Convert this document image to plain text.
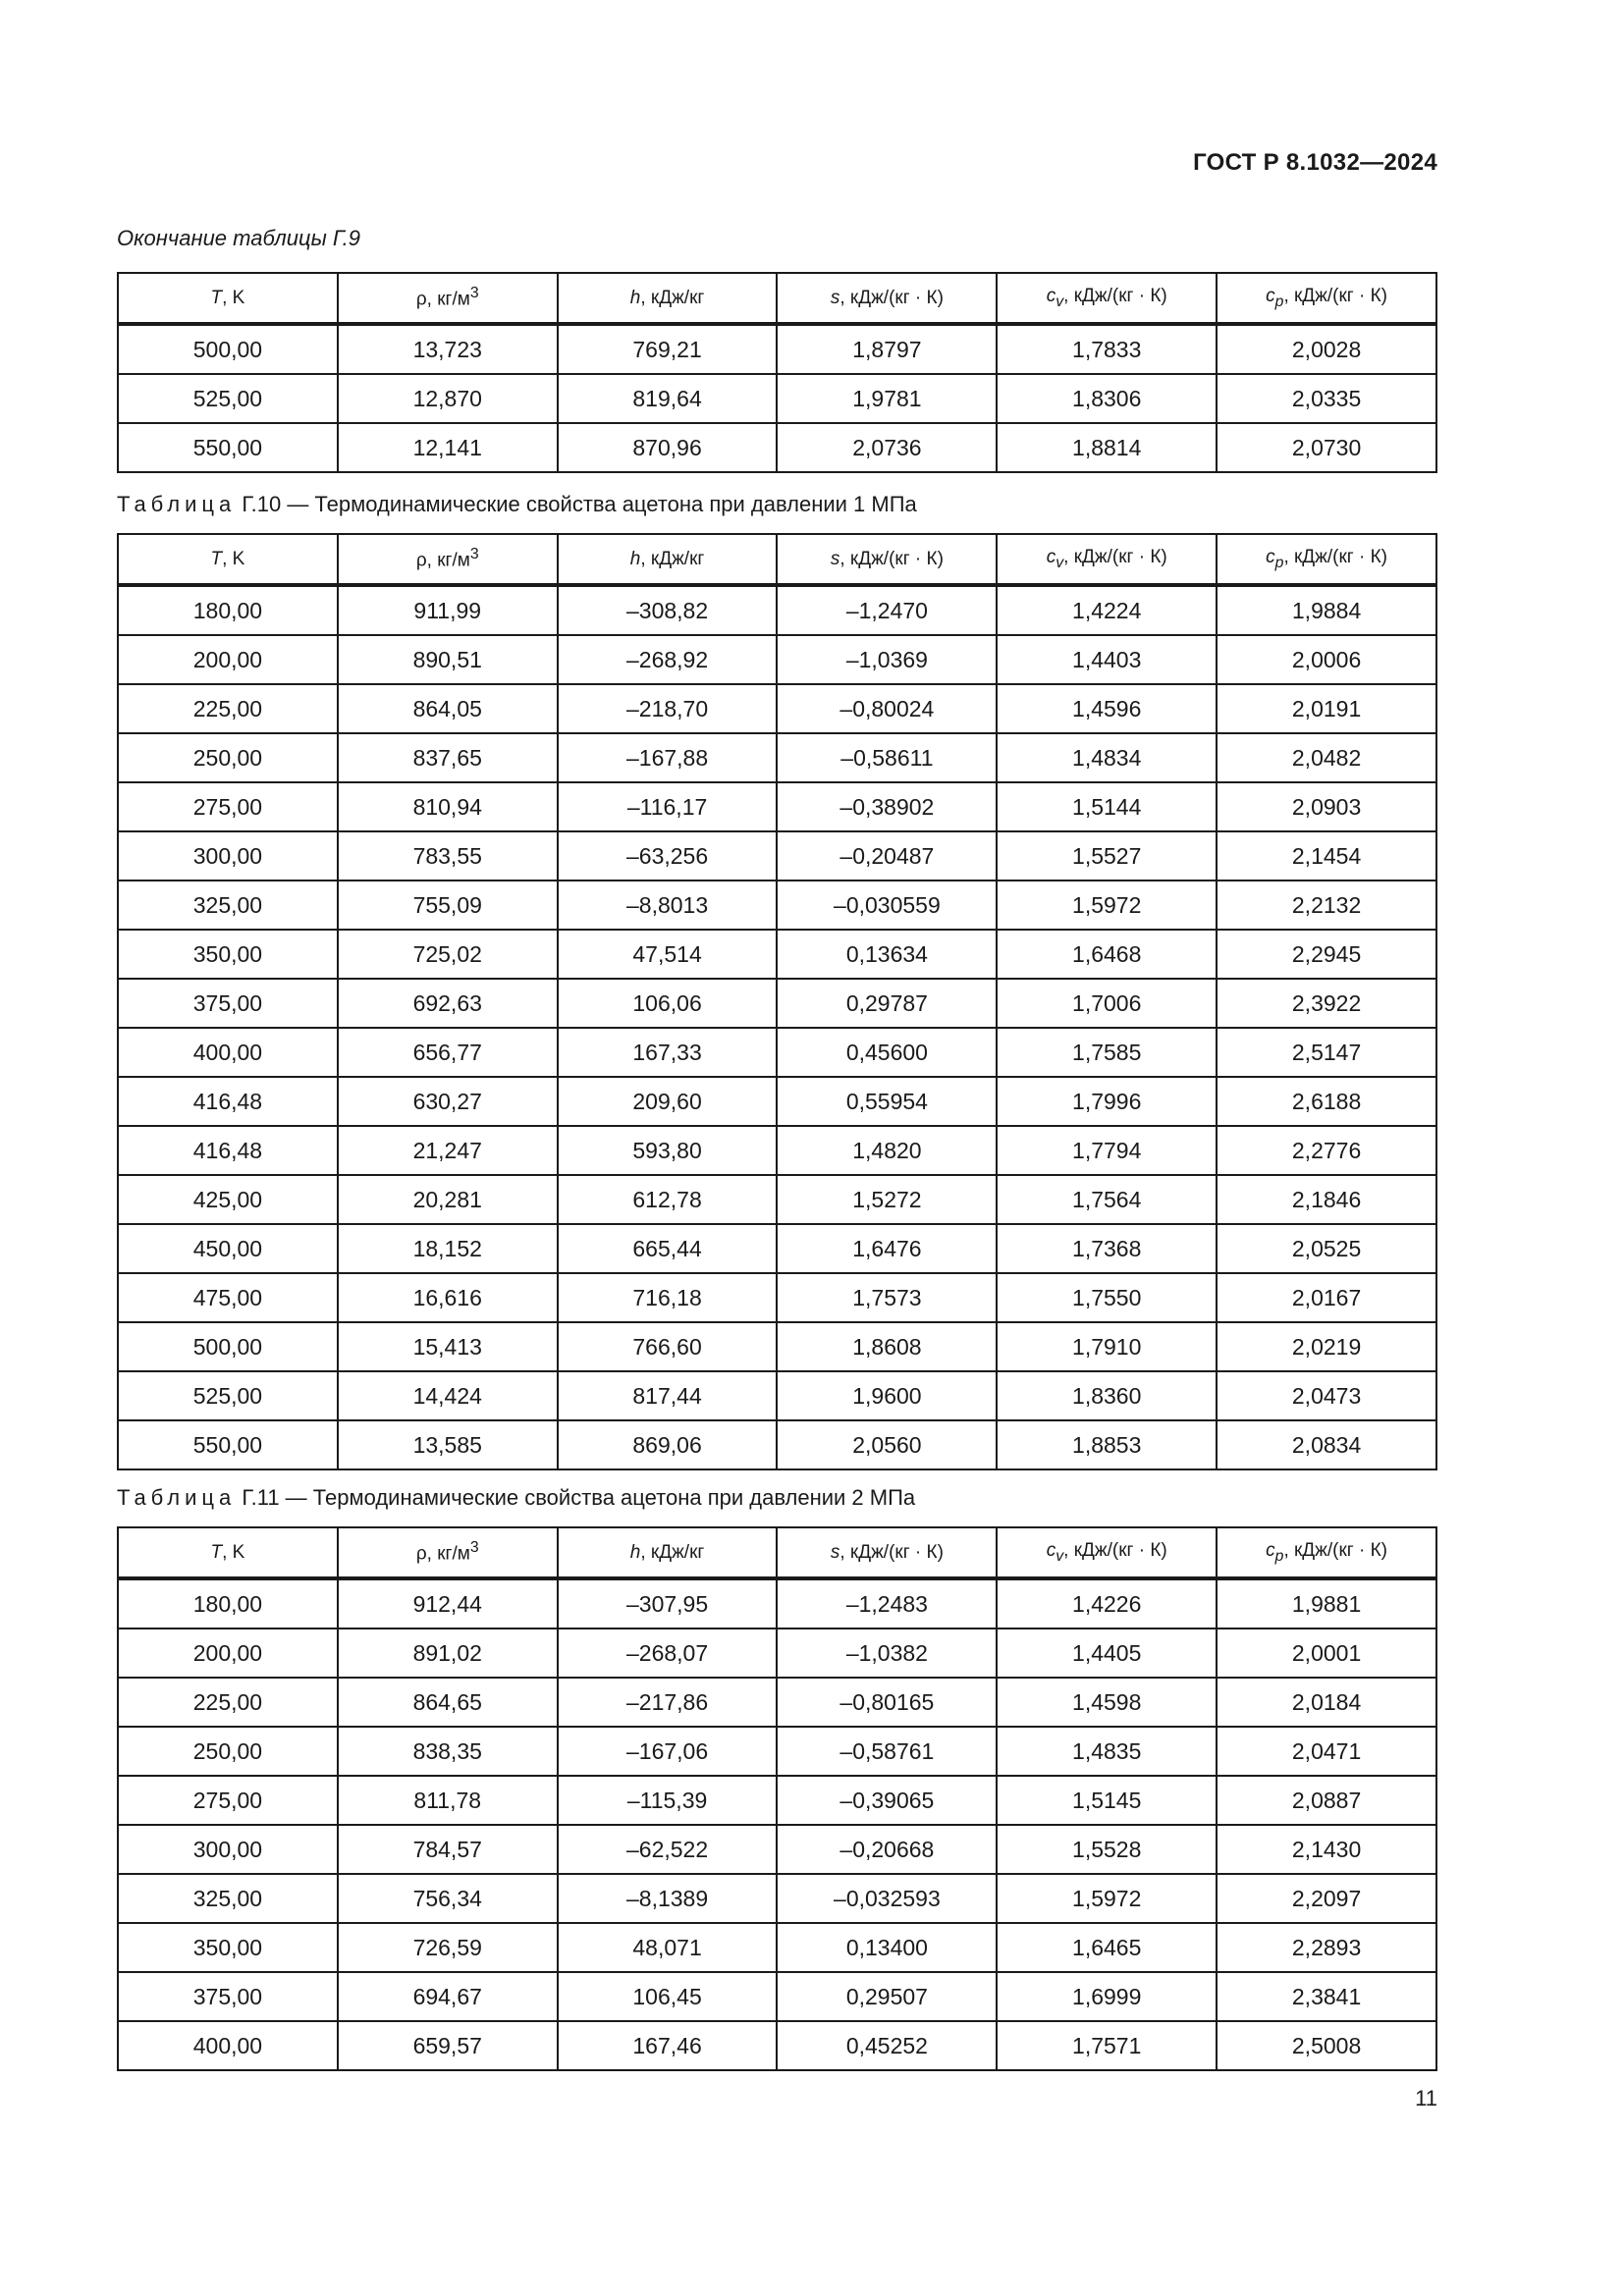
ГОСТ Р 8.1032—2024
Окончание таблицы Г.9
T, K	ρ, $кг/м^3$	h, кДж/кг	s, кДж/(кг · К)	$c_v$, кДж/(кг · К)	$c_p$, кДж/(кг · К)
500,00	13,723	769,21	1,8797	1,7833	2,0028
525,00	12,870	819,64	1,9781	1,8306	2,0335
550,00	12,141	870,96	2,0736	1,8814	2,0730
Таблица Г.10 — Термодинамические свойства ацетона при давлении 1 МПа
T, K	ρ, $кг/м^3$	h, кДж/кг	s, кДж/(кг · К)	$c_v$, кДж/(кг · К)	$c_p$, кДж/(кг · К)
180,00	911,99	–308,82	–1,2470	1,4224	1,9884
200,00	890,51	–268,92	–1,0369	1,4403	2,0006
225,00	864,05	–218,70	–0,80024	1,4596	2,0191
250,00	837,65	–167,88	–0,58611	1,4834	2,0482
275,00	810,94	–116,17	–0,38902	1,5144	2,0903
300,00	783,55	–63,256	–0,20487	1,5527	2,1454
325,00	755,09	–8,8013	–0,030559	1,5972	2,2132
350,00	725,02	47,514	0,13634	1,6468	2,2945
375,00	692,63	106,06	0,29787	1,7006	2,3922
400,00	656,77	167,33	0,45600	1,7585	2,5147
416,48	630,27	209,60	0,55954	1,7996	2,6188
416,48	21,247	593,80	1,4820	1,7794	2,2776
425,00	20,281	612,78	1,5272	1,7564	2,1846
450,00	18,152	665,44	1,6476	1,7368	2,0525
475,00	16,616	716,18	1,7573	1,7550	2,0167
500,00	15,413	766,60	1,8608	1,7910	2,0219
525,00	14,424	817,44	1,9600	1,8360	2,0473
550,00	13,585	869,06	2,0560	1,8853	2,0834
Таблица Г.11 — Термодинамические свойства ацетона при давлении 2 МПа
T, K	ρ, $кг/м^3$	h, кДж/кг	s, кДж/(кг · К)	$c_v$, кДж/(кг · К)	$c_p$, кДж/(кг · К)
180,00	912,44	–307,95	–1,2483	1,4226	1,9881
200,00	891,02	–268,07	–1,0382	1,4405	2,0001
225,00	864,65	–217,86	–0,80165	1,4598	2,0184
250,00	838,35	–167,06	–0,58761	1,4835	2,0471
275,00	811,78	–115,39	–0,39065	1,5145	2,0887
300,00	784,57	–62,522	–0,20668	1,5528	2,1430
325,00	756,34	–8,1389	–0,032593	1,5972	2,2097
350,00	726,59	48,071	0,13400	1,6465	2,2893
375,00	694,67	106,45	0,29507	1,6999	2,3841
400,00	659,57	167,46	0,45252	1,7571	2,5008
11
